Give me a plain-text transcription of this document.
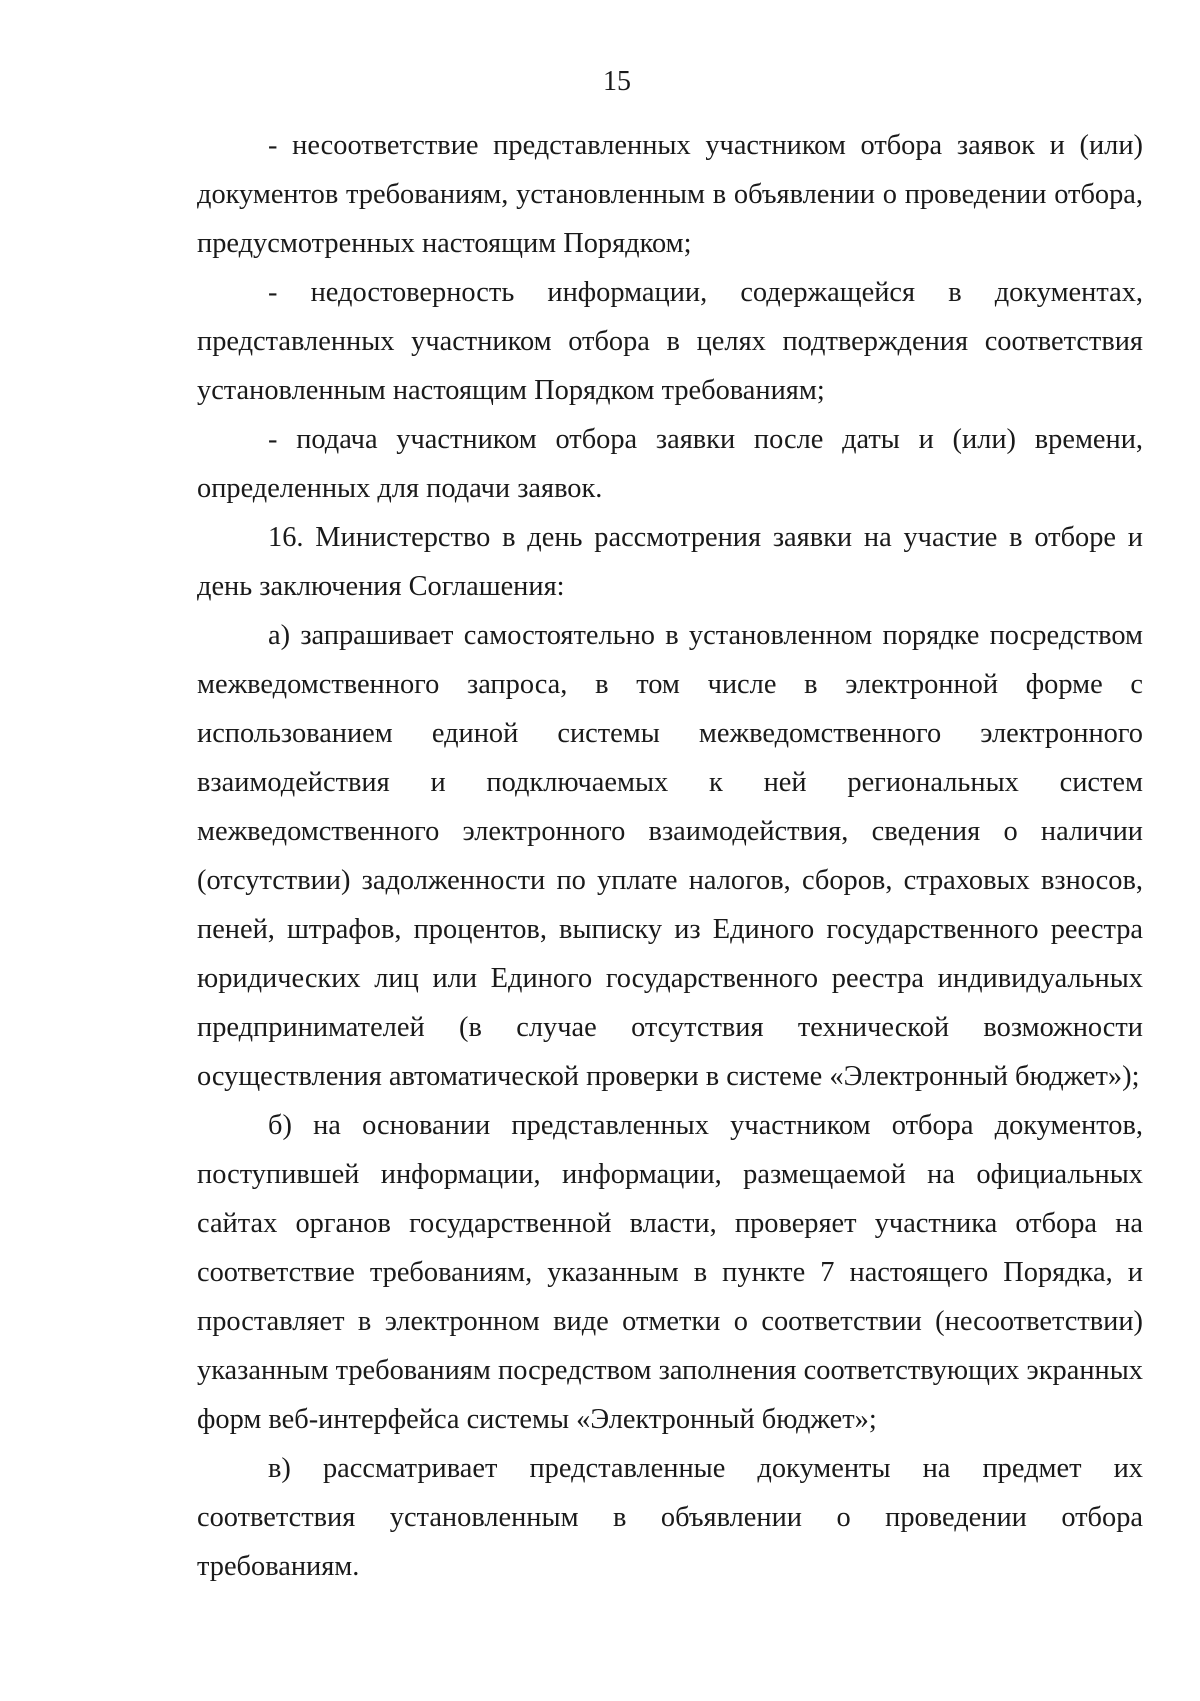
15

- несоответствие представленных участником отбора заявок и (или) документов требованиям, установленным в объявлении о проведении отбора, предусмотренных настоящим Порядком;

- недостоверность информации, содержащейся в документах, представленных участником отбора в целях подтверждения соответствия установленным настоящим Порядком требованиям;

- подача участником отбора заявки после даты и (или) времени, определенных для подачи заявок.

16. Министерство в день рассмотрения заявки на участие в отборе и день заключения Соглашения:

а) запрашивает самостоятельно в установленном порядке посредством межведомственного запроса, в том числе в электронной форме с использованием единой системы межведомственного электронного взаимодействия и подключаемых к ней региональных систем межведомственного электронного взаимодействия, сведения о наличии (отсутствии) задолженности по уплате налогов, сборов, страховых взносов, пеней, штрафов, процентов, выписку из Единого государственного реестра юридических лиц или Единого государственного реестра индивидуальных предпринимателей (в случае отсутствия технической возможности осуществления автоматической проверки в системе «Электронный бюджет»);

б) на основании представленных участником отбора документов, поступившей информации, информации, размещаемой на официальных сайтах органов государственной власти, проверяет участника отбора на соответствие требованиям, указанным в пункте 7 настоящего Порядка, и проставляет в электронном виде отметки о соответствии (несоответствии) указанным требованиям посредством заполнения соответствующих экранных форм веб-интерфейса системы «Электронный бюджет»;

в) рассматривает представленные документы на предмет их соответствия установленным в объявлении о проведении отбора требованиям.
